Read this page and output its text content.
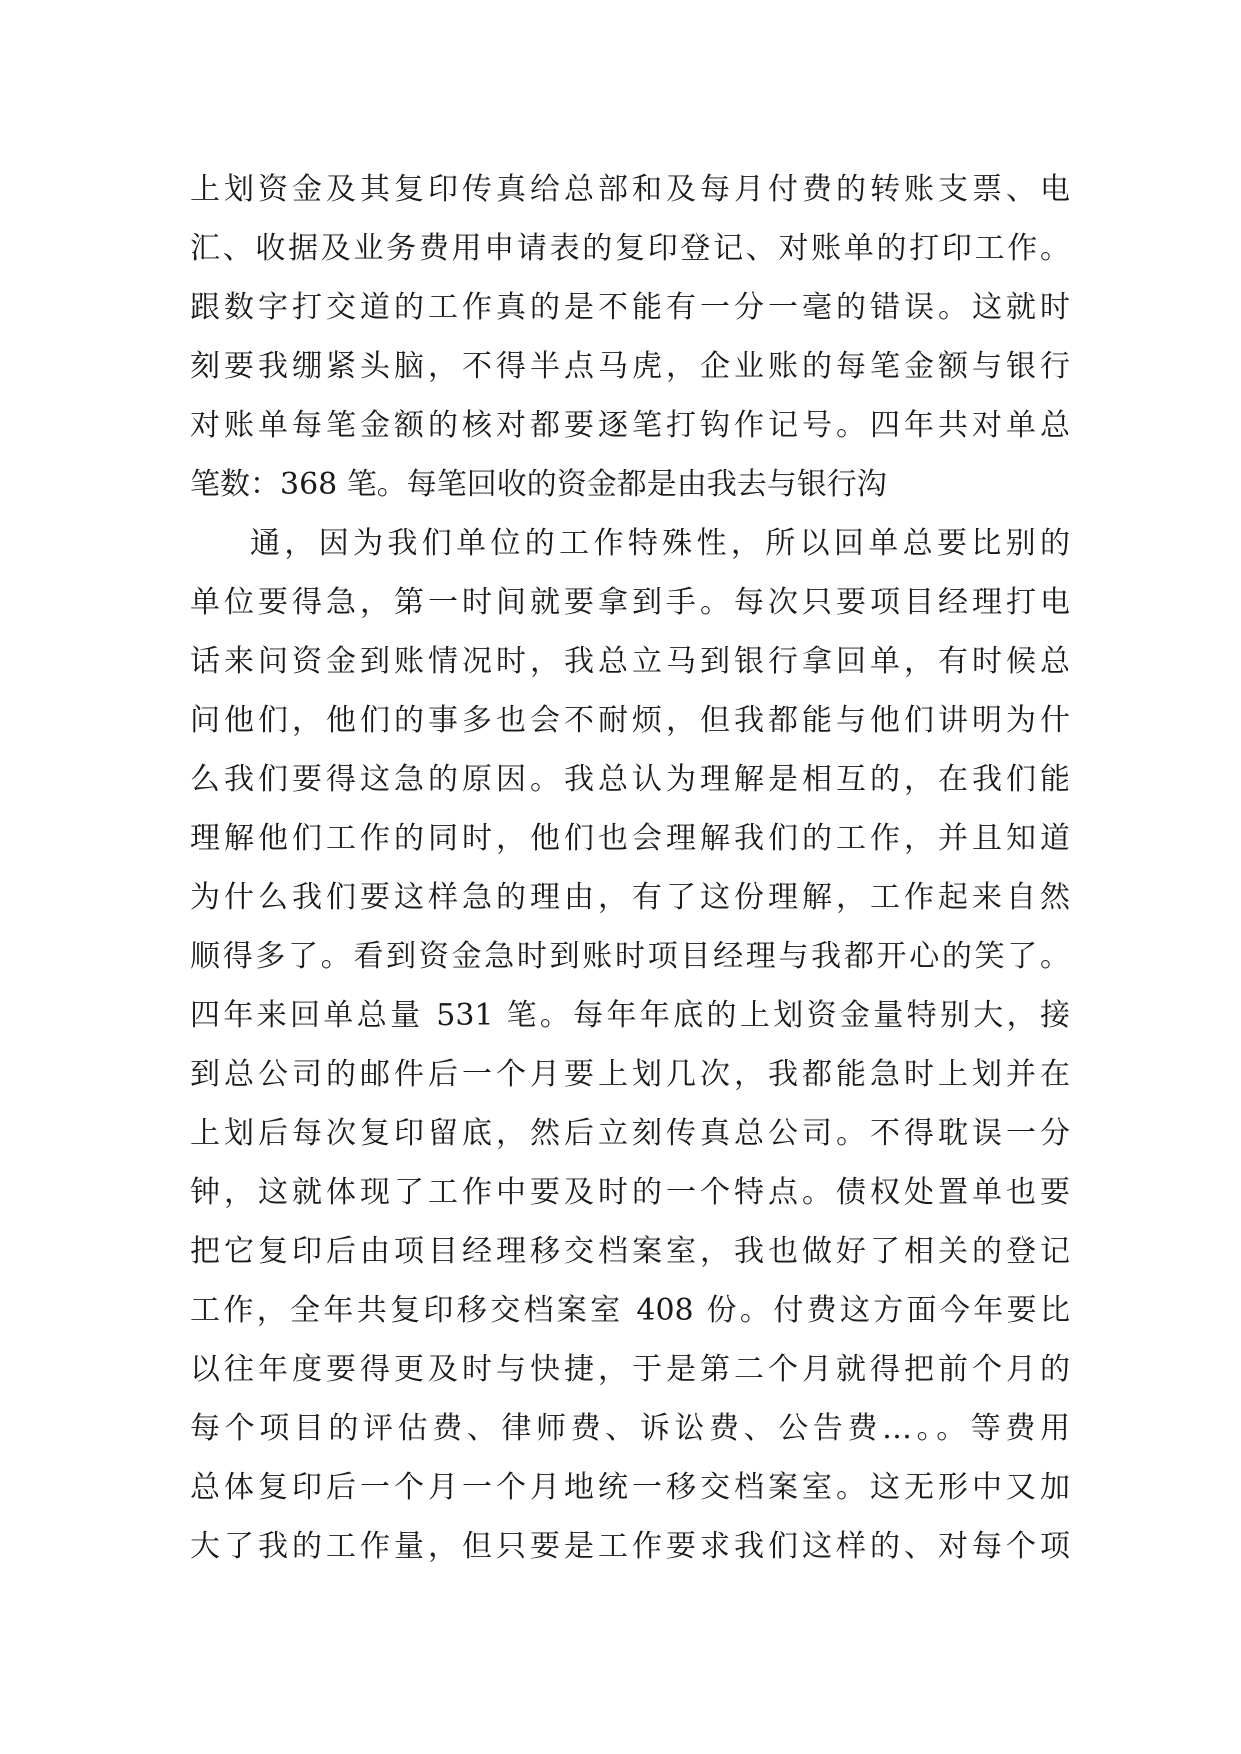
上划资金及其复印传真给总部和及每月付费的转账支票、电
汇、收据及业务费用申请表的复印登记、对账单的打印工作。
跟数字打交道的工作真的是不能有一分一毫的错误。这就时
刻要我绷紧头脑，不得半点马虎，企业账的每笔金额与银行
对账单每笔金额的核对都要逐笔打钩作记号。四年共对单总
笔数：368 笔。每笔回收的资金都是由我去与银行沟
通，因为我们单位的工作特殊性，所以回单总要比别的
单位要得急，第一时间就要拿到手。每次只要项目经理打电
话来问资金到账情况时，我总立马到银行拿回单，有时候总
问他们，他们的事多也会不耐烦，但我都能与他们讲明为什
么我们要得这急的原因。我总认为理解是相互的，在我们能
理解他们工作的同时，他们也会理解我们的工作，并且知道
为什么我们要这样急的理由，有了这份理解，工作起来自然
顺得多了。看到资金急时到账时项目经理与我都开心的笑了。
四年来回单总量 531 笔。每年年底的上划资金量特别大，接
到总公司的邮件后一个月要上划几次，我都能急时上划并在
上划后每次复印留底，然后立刻传真总公司。不得耽误一分
钟，这就体现了工作中要及时的一个特点。债权处置单也要
把它复印后由项目经理移交档案室，我也做好了相关的登记
工作，全年共复印移交档案室 408 份。付费这方面今年要比
以往年度要得更及时与快捷，于是第二个月就得把前个月的
每个项目的评估费、律师费、诉讼费、公告费…。。等费用
总体复印后一个月一个月地统一移交档案室。这无形中又加
大了我的工作量，但只要是工作要求我们这样的、对每个项
